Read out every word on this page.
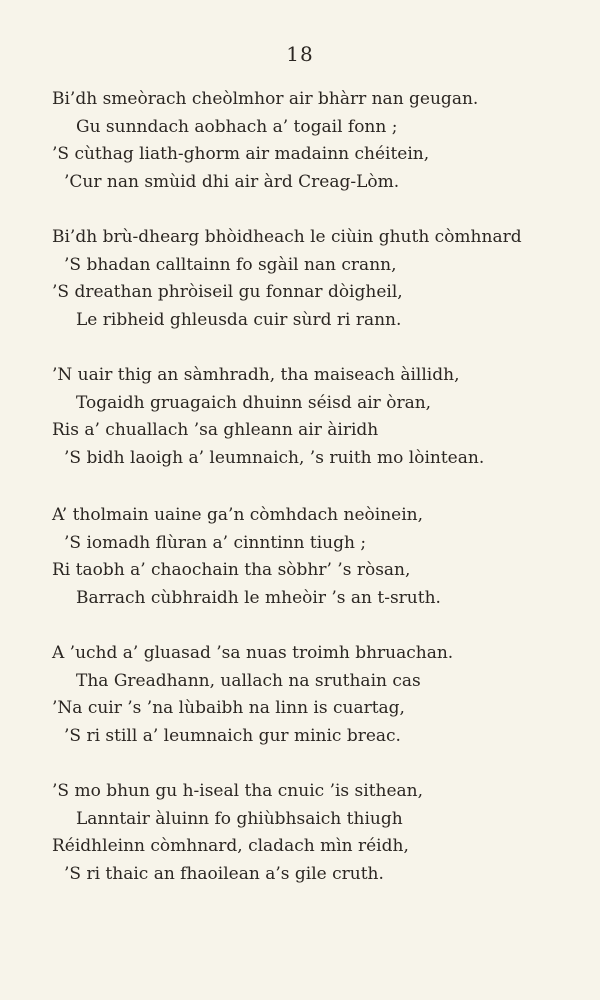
18
Bi’dh smeòrach cheòlmhor air bhàrr nan geugan.
Gu sunndach aobhach a’ togail fonn ;
’S cùthag liath-ghorm air madainn chéitein,
’Cur nan smùid dhi air àrd Creag-Lòm.
Bi’dh brù-dhearg bhòidheach le ciùin ghuth còmhnard
’S bhadan calltainn fo sgàil nan crann,
’S dreathan phròiseil gu fonnar dòigheil,
Le ribheid ghleusda cuir sùrd ri rann.
’N uair thig an sàmhradh, tha maiseach àillidh,
Togaidh gruagaich dhuinn séisd air òran,
Ris a’ chuallach ’sa ghleann air àiridh
’S bidh laoigh a’ leumnaich, ’s ruith mo lòintean.
A’ tholmain uaine ga’n còmhdach neòinein,
’S iomadh flùran a’ cinntinn tiugh ;
Ri taobh a’ chaochain tha sòbhr’ ’s ròsan,
Barrach cùbhraidh le mheòir ’s an t-sruth.
A ’uchd a’ gluasad ’sa nuas troimh bhruachan.
Tha Greadhann, uallach na sruthain cas
’Na cuir ’s ’na lùbaibh na linn is cuartag,
’S ri still a’ leumnaich gur minic breac.
’S mo bhun gu h-iseal tha cnuic ’is sithean,
Lanntair àluinn fo ghiùbhsaich thiugh
Réidhleinn còmhnard, cladach mìn réidh,
’S ri thaic an fhaoilean a’s gile cruth.
